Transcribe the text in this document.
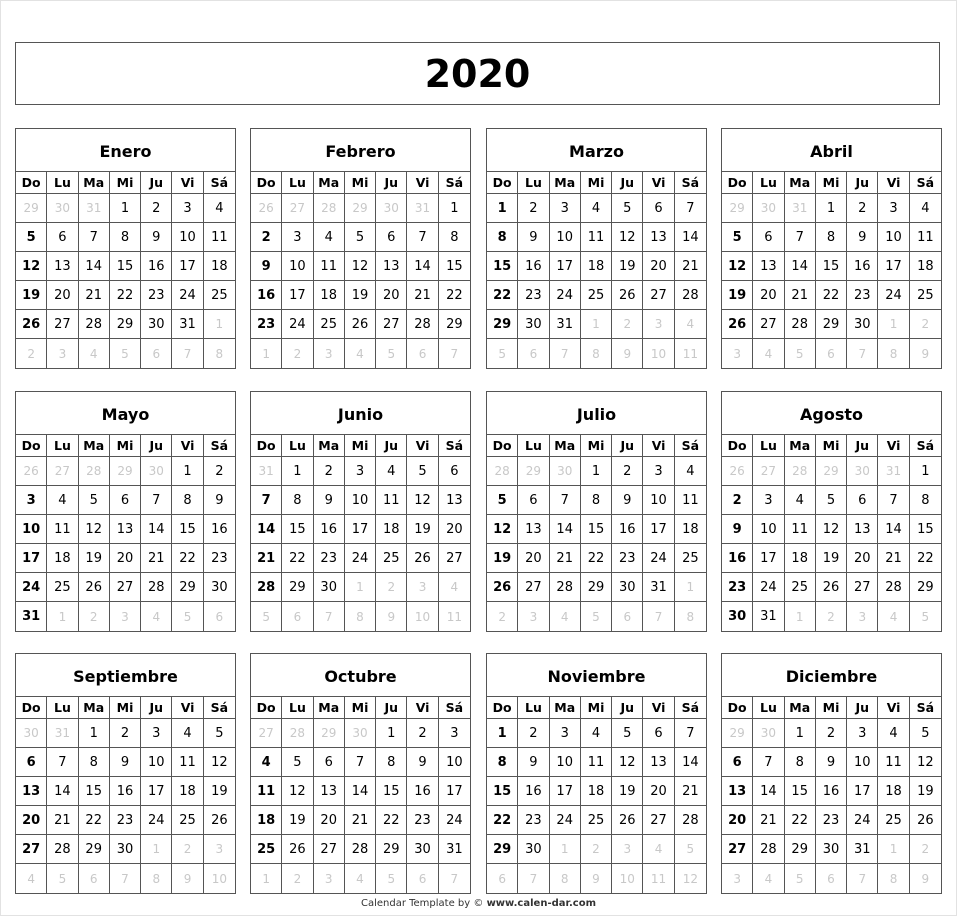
2020
Enero
Do	Lu Ma Mi	Ju	Vi	Sá
29	30	31	1	2	3	4
5	6	7	8	9	10	11
12	13	14	15	16	17	18
19	20	21	22	23	24	25
26	27	28	29	30	31	1
2	3	4	5	6	7	8
Febrero
Do	Lu Ma Mi	Ju	Vi	Sá
26	27	28	29	30	31	1
2	3	4	5	6	7	8
9	10	11	12	13	14	15
16	17	18	19	20	21	22
23	24	25	26	27	28	29
1	2	3	4	5	6	7
Marzo
Do	Lu Ma Mi	Ju	Vi	Sá
1	2	3	4	5	6	7
8	9	10	11	12	13	14
15	16	17	18	19	20	21
22	23	24	25	26	27	28
29	30	31	1	2	3	4
5	6	7	8	9	10	11
Abril
Do	Lu Ma Mi	Ju	Vi	Sá
29	30	31	1	2	3	4
5	6	7	8	9	10	11
12	13	14	15	16	17	18
19	20	21	22	23	24	25
26	27	28	29	30	1	2
3	4	5	6	7	8	9
Mayo
Do	Lu Ma Mi	Ju	Vi	Sá
26	27	28	29	30	1	2
3	4	5	6	7	8	9
10	11	12	13	14	15	16
17	18	19	20	21	22	23
24	25	26	27	28	29	30
31	1	2	3	4	5	6
Junio
Do	Lu Ma Mi	Ju	Vi	Sá
31	1	2	3	4	5	6
7	8	9	10	11	12	13
14	15	16	17	18	19	20
21	22	23	24	25	26	27
28	29	30	1	2	3	4
5	6	7	8	9	10	11
Julio
Do	Lu Ma Mi	Ju	Vi	Sá
28	29	30	1	2	3	4
5	6	7	8	9	10	11
12	13	14	15	16	17	18
19	20	21	22	23	24	25
26	27	28	29	30	31	1
2	3	4	5	6	7	8
Agosto
Do	Lu Ma Mi	Ju	Vi	Sá
26	27	28	29	30	31	1
2	3	4	5	6	7	8
9	10	11	12	13	14	15
16	17	18	19	20	21	22
23	24	25	26	27	28	29
30	31	1	2	3	4	5
Septiembre
Do	Lu Ma Mi	Ju	Vi	Sá
30	31	1	2	3	4	5
6	7	8	9	10	11	12
13	14	15	16	17	18	19
20	21	22	23	24	25	26
27	28	29	30	1	2	3
4	5	6	7	8	9	10
Octubre
Do	Lu Ma Mi	Ju	Vi	Sá
27	28	29	30	1	2	3
4	5	6	7	8	9	10
11	12	13	14	15	16	17
18	19	20	21	22	23	24
25	26	27	28	29	30	31
1	2	3	4	5	6	7
Noviembre
Do	Lu Ma Mi	Ju	Vi	Sá
1	2	3	4	5	6	7
8	9	10	11	12	13	14
15	16	17	18	19	20	21
22	23	24	25	26	27	28
29	30	1	2	3	4	5
6	7	8	9	10	11	12
Diciembre
Do	Lu Ma Mi	Ju	Vi	Sá
29	30	1	2	3	4	5
6	7	8	9	10	11	12
13	14	15	16	17	18	19
20	21	22	23	24	25	26
27	28	29	30	31	1	2
3	4	5	6	7	8	9
Calendar Template by © www.calen-dar.com
